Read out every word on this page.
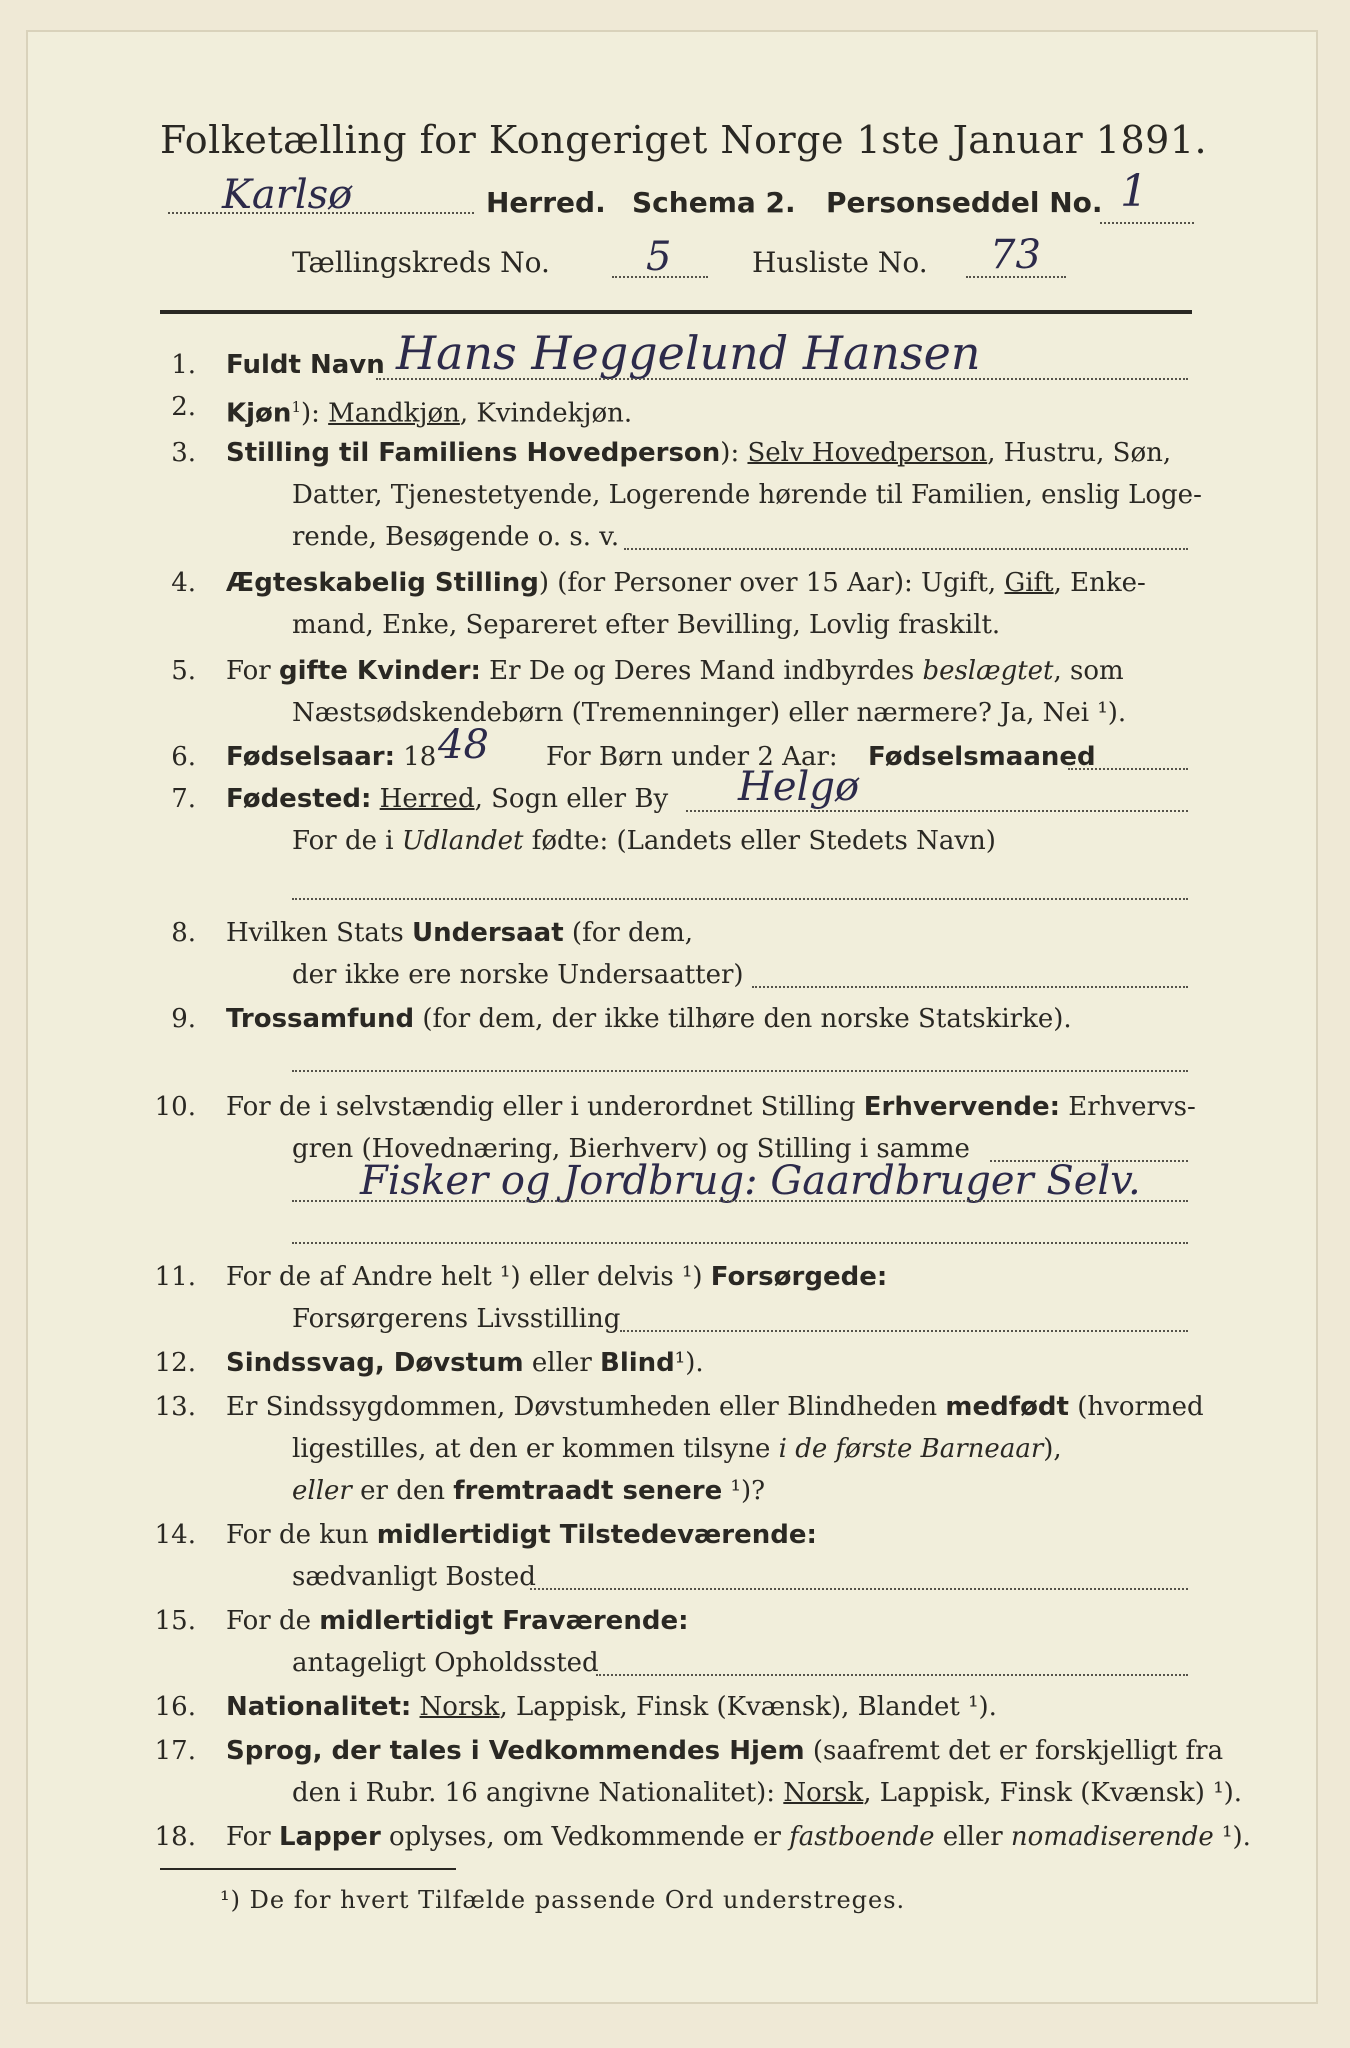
Folketælling for Kongeriget Norge 1ste Januar 1891.
Karlsø	Herred. Schema 2. Personseddel No. 1
Tællingskreds No. 5	Husliste No. 73
1. Fuldt Navn Hans Heggelund Hansen
2. Kjøn$^1$): Mandkjøn, Kvindekjøn.
3. Stilling til Familiens Hovedperson): Selv Hovedperson, Hustru, Søn,
Datter, Tjenestetyende, Logerende hørende til Familien, enslig Loge-
rende, Besøgende o. s. v.
4. Ægteskabelig Stilling) (for Personer over 15 Aar): Ugift, Gift, Enke-
mand, Enke, Separeret efter Bevilling, Lovlig fraskilt.
5. For gifte Kvinder: Er De og Deres Mand indbyrdes beslægtet, som
Næstsødskendebørn (Tremenninger) eller nærmere? Ja, Nei ¹).
6. Fødselsaar: 18 48 For Børn under 2 Aar: Fødselsmaaned
7. Fødested: Herred, Sogn eller By Helgø
For de i Udlandet fødte: (Landets eller Stedets Navn)
8. Hvilken Stats Undersaat (for dem,
der ikke ere norske Undersaatter)
9. Trossamfund (for dem, der ikke tilhøre den norske Statskirke).
10. For de i selvstændig eller i underordnet Stilling Erhvervende: Erhvervs-
gren (Hovednæring, Bierhverv) og Stilling i samme
Fisker og Jordbrug: Gaardbruger Selv.
11. For de af Andre helt ¹) eller delvis ¹) Forsørgede:
Forsørgerens Livsstilling
12. Sindssvag, Døvstum eller Blind¹).
13. Er Sindssygdommen, Døvstumheden eller Blindheden medfødt (hvormed
ligestilles, at den er kommen tilsyne i de første Barneaar),
eller er den fremtraadt senere ¹)?
14. For de kun midlertidigt Tilstedeværende:
sædvanligt Bosted
15. For de midlertidigt Fraværende:
antageligt Opholdssted
16. Nationalitet: Norsk, Lappisk, Finsk (Kvænsk), Blandet ¹).
17. Sprog, der tales i Vedkommendes Hjem (saafremt det er forskjelligt fra
den i Rubr. 16 angivne Nationalitet): Norsk, Lappisk, Finsk (Kvænsk) ¹).
18. For Lapper oplyses, om Vedkommende er fastboende eller nomadiserende ¹).
¹) De for hvert Tilfælde passende Ord understreges.
